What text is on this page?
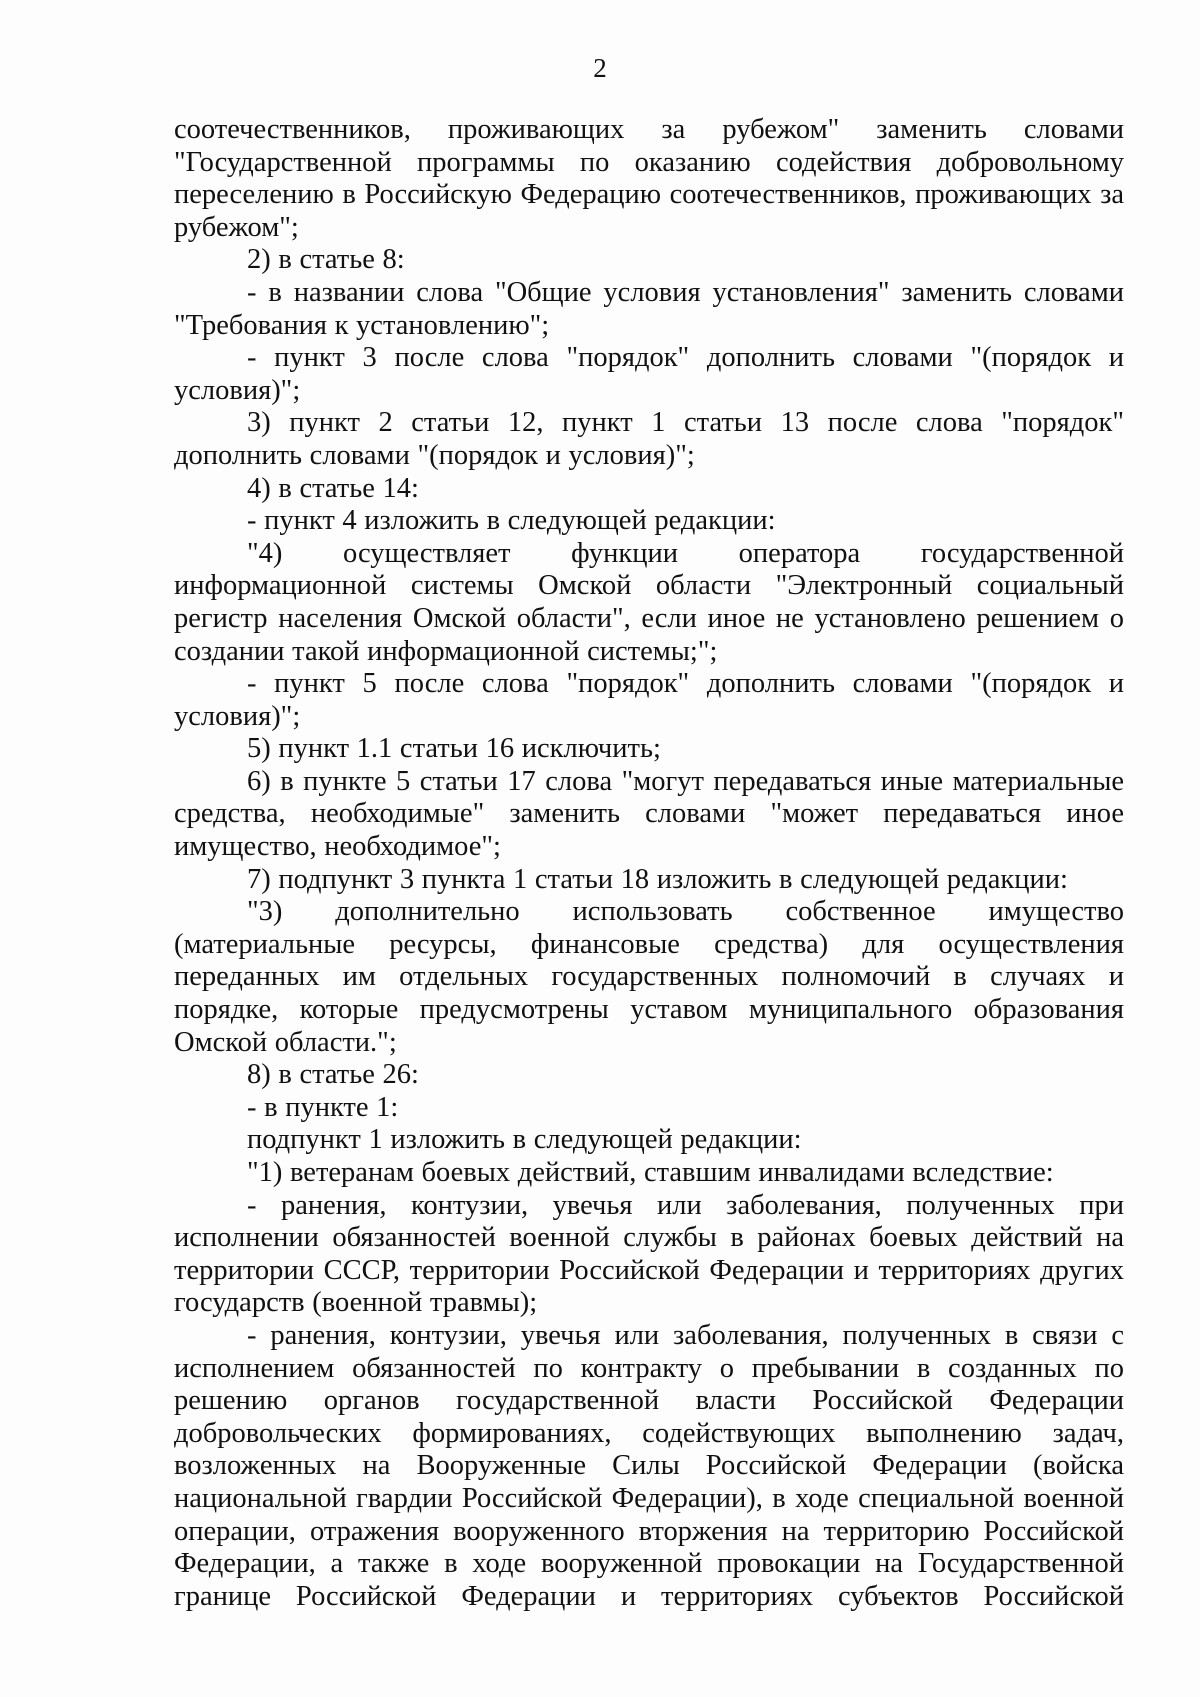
2

соотечественников, проживающих за рубежом" заменить словами "Государственной программы по оказанию содействия добровольному переселению в Российскую Федерацию соотечественников, проживающих за рубежом";

2) в статье 8:

- в названии слова "Общие условия установления" заменить словами "Требования к установлению";

- пункт 3 после слова "порядок" дополнить словами "(порядок и условия)";

3) пункт 2 статьи 12, пункт 1 статьи 13 после слова "порядок" дополнить словами "(порядок и условия)";

4) в статье 14:

- пункт 4 изложить в следующей редакции:

"4) осуществляет функции оператора государственной информационной системы Омской области "Электронный социальный регистр населения Омской области", если иное не установлено решением о создании такой информационной системы;";

- пункт 5 после слова "порядок" дополнить словами "(порядок и условия)";

5) пункт 1.1 статьи 16 исключить;

6) в пункте 5 статьи 17 слова "могут передаваться иные материальные средства, необходимые" заменить словами "может передаваться иное имущество, необходимое";

7) подпункт 3 пункта 1 статьи 18 изложить в следующей редакции:

"3) дополнительно использовать собственное имущество (материальные ресурсы, финансовые средства) для осуществления переданных им отдельных государственных полномочий в случаях и порядке, которые предусмотрены уставом муниципального образования Омской области.";

8) в статье 26:

- в пункте 1:

подпункт 1 изложить в следующей редакции:

"1) ветеранам боевых действий, ставшим инвалидами вследствие:

- ранения, контузии, увечья или заболевания, полученных при исполнении обязанностей военной службы в районах боевых действий на территории СССР, территории Российской Федерации и территориях других государств (военной травмы);

- ранения, контузии, увечья или заболевания, полученных в связи с исполнением обязанностей по контракту о пребывании в созданных по решению органов государственной власти Российской Федерации добровольческих формированиях, содействующих выполнению задач, возложенных на Вооруженные Силы Российской Федерации (войска национальной гвардии Российской Федерации), в ходе специальной военной операции, отражения вооруженного вторжения на территорию Российской Федерации, а также в ходе вооруженной провокации на Государственной границе Российской Федерации и территориях субъектов Российской
